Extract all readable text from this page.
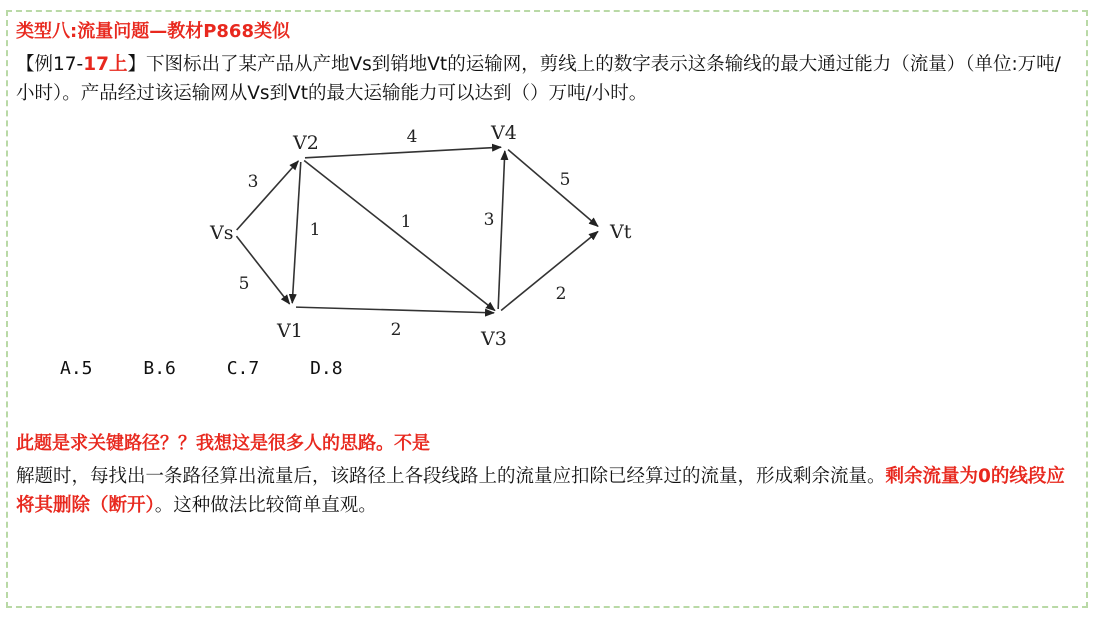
类型八:流量问题—教材P868类似
【例17-17上】下图标出了某产品从产地Vs到销地Vt的运输网，剪线上的数字表示这条输线的最大通过能力（流量）（单位:万吨/小时）。产品经过该运输网从Vs到Vt的最大运输能力可以达到（）万吨/小时。
3
5
1
4
1
2
3
5
2
Vs
V1
V2
V3
V4
Vt
A.5	B.6	C.7	D.8
此题是求关键路径？？我想这是很多人的思路。不是
解题时，每找出一条路径算出流量后，该路径上各段线路上的流量应扣除已经算过的流量，形成剩余流量。剩余流量为0的线段应将其删除（断开）。这种做法比较简单直观。
